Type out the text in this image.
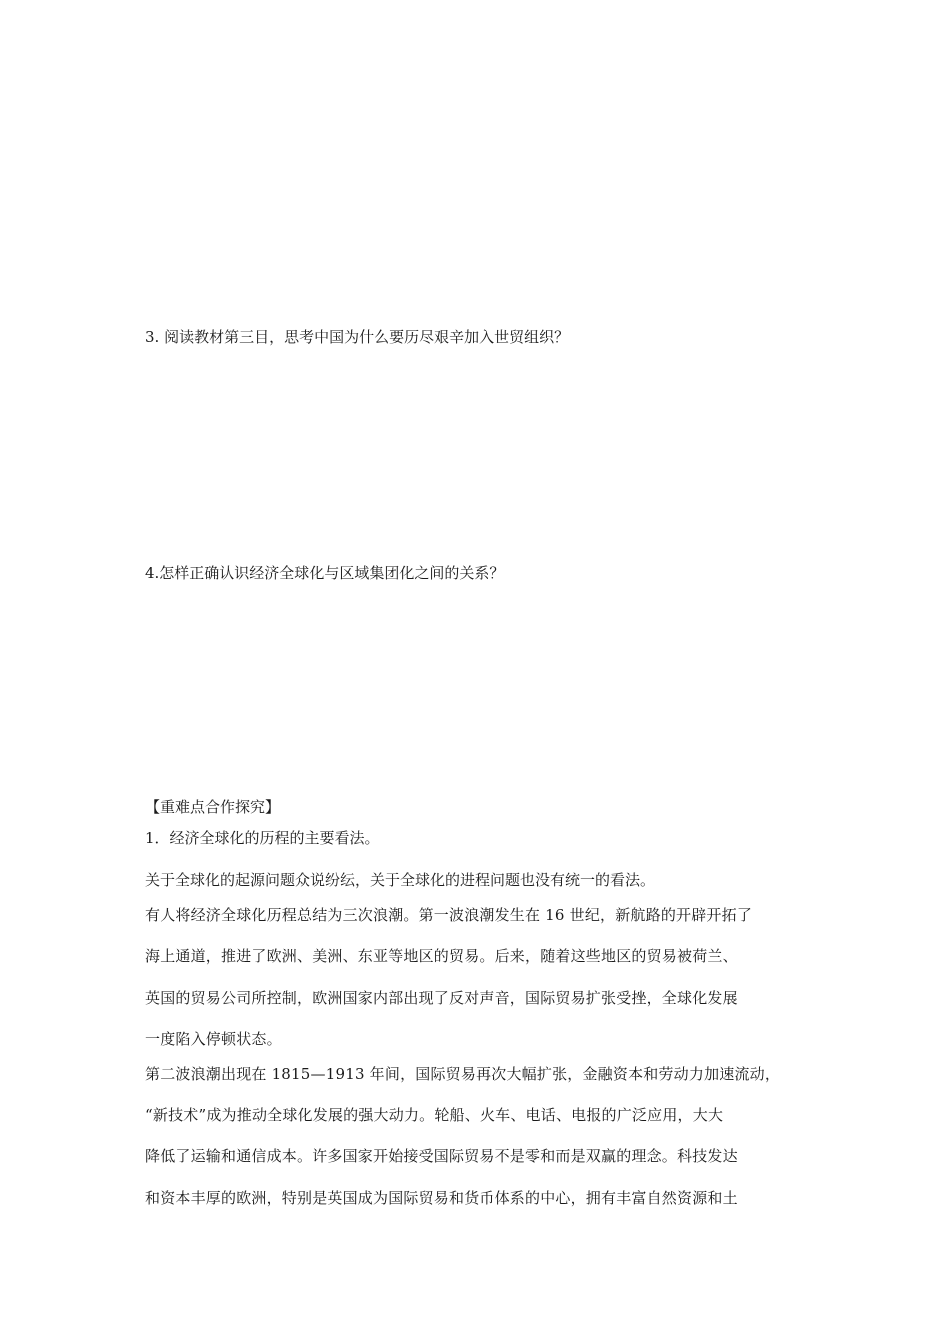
3. 阅读教材第三目，思考中国为什么要历尽艰辛加入世贸组织？

4.怎样正确认识经济全球化与区域集团化之间的关系？

【重难点合作探究】

1．经济全球化的历程的主要看法。

关于全球化的起源问题众说纷纭，关于全球化的进程问题也没有统一的看法。

有人将经济全球化历程总结为三次浪潮。第一波浪潮发生在 16 世纪，新航路的开辟开拓了

海上通道，推进了欧洲、美洲、东亚等地区的贸易。后来，随着这些地区的贸易被荷兰、

英国的贸易公司所控制，欧洲国家内部出现了反对声音，国际贸易扩张受挫，全球化发展

一度陷入停顿状态。

第二波浪潮出现在 1815—1913 年间，国际贸易再次大幅扩张，金融资本和劳动力加速流动，

“新技术”成为推动全球化发展的强大动力。轮船、火车、电话、电报的广泛应用，大大

降低了运输和通信成本。许多国家开始接受国际贸易不是零和而是双赢的理念。科技发达

和资本丰厚的欧洲，特别是英国成为国际贸易和货币体系的中心，拥有丰富自然资源和土
